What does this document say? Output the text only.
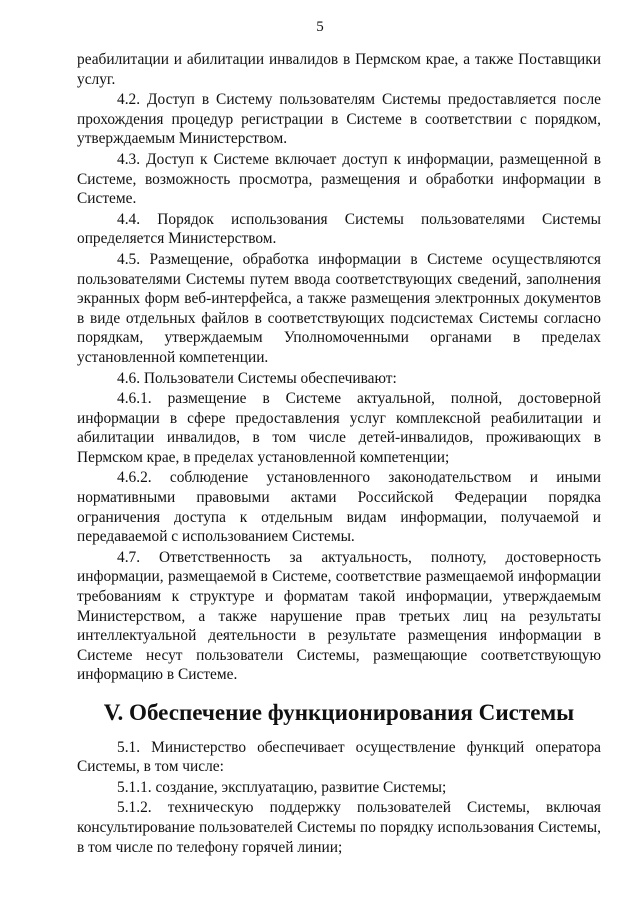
5

реабилитации и абилитации инвалидов в Пермском крае, а также Поставщики услуг.

4.2. Доступ в Систему пользователям Системы предоставляется после прохождения процедур регистрации в Системе в соответствии с порядком, утверждаемым Министерством.

4.3. Доступ к Системе включает доступ к информации, размещенной в Системе, возможность просмотра, размещения и обработки информации в Системе.

4.4. Порядок использования Системы пользователями Системы определяется Министерством.

4.5. Размещение, обработка информации в Системе осуществляются пользователями Системы путем ввода соответствующих сведений, заполнения экранных форм веб-интерфейса, а также размещения электронных документов в виде отдельных файлов в соответствующих подсистемах Системы согласно порядкам, утверждаемым Уполномоченными органами в пределах установленной компетенции.

4.6. Пользователи Системы обеспечивают:

4.6.1. размещение в Системе актуальной, полной, достоверной информации в сфере предоставления услуг комплексной реабилитации и абилитации инвалидов, в том числе детей-инвалидов, проживающих в Пермском крае, в пределах установленной компетенции;

4.6.2. соблюдение установленного законодательством и иными нормативными правовыми актами Российской Федерации порядка ограничения доступа к отдельным видам информации, получаемой и передаваемой с использованием Системы.

4.7. Ответственность за актуальность, полноту, достоверность информации, размещаемой в Системе, соответствие размещаемой информации требованиям к структуре и форматам такой информации, утверждаемым Министерством, а также нарушение прав третьих лиц на результаты интеллектуальной деятельности в результате размещения информации в Системе несут пользователи Системы, размещающие соответствующую информацию в Системе.

V. Обеспечение функционирования Системы

5.1. Министерство обеспечивает осуществление функций оператора Системы, в том числе:

5.1.1. создание, эксплуатацию, развитие Системы;

5.1.2. техническую поддержку пользователей Системы, включая консультирование пользователей Системы по порядку использования Системы, в том числе по телефону горячей линии;
